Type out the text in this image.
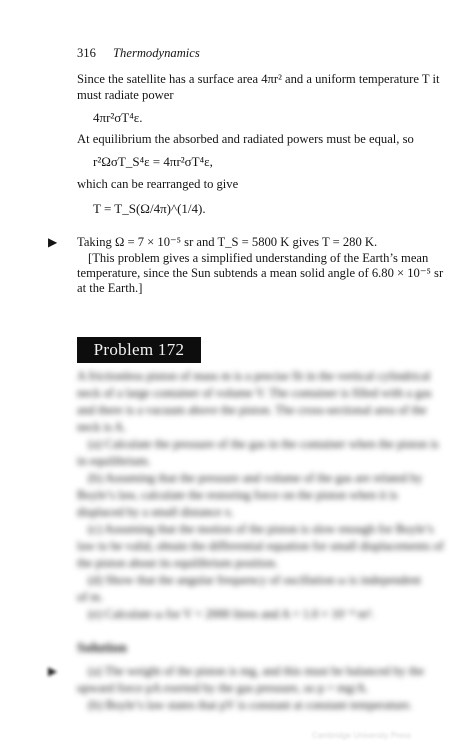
316 Thermodynamics
Since the satellite has a surface area 4πr² and a uniform temperature T it
must radiate power
4πr²σT⁴ε.
At equilibrium the absorbed and radiated powers must be equal, so
r²ΩσT_S⁴ε = 4πr²σT⁴ε,
which can be rearranged to give
T = T_S(Ω/4π)^(1/4).
▶ Taking Ω = 7 × 10⁻⁵ sr and T_S = 5800 K gives T = 280 K.
[This problem gives a simplified understanding of the Earth’s mean
temperature, since the Sun subtends a mean solid angle of 6.80 × 10⁻⁵ sr
at the Earth.]
Problem 172
A frictionless piston of mass m is a precise fit in the vertical cylindrical
neck of a large container of volume V. The container is filled with a gas
and there is a vacuum above the piston. The cross-sectional area of the
neck is A.
(a) Calculate the pressure of the gas in the container when the piston is
in equilibrium.
(b) Assuming that the pressure and volume of the gas are related by
Boyle’s law, calculate the restoring force on the piston when it is
displaced by a small distance x.
(c) Assuming that the motion of the piston is slow enough for Boyle’s
law to be valid, obtain the differential equation for small displacements of
the piston about its equilibrium position.
(d) Show that the angular frequency of oscillation ω is independent
of m.
(e) Calculate ω for V = 2000 litres and A = 1.0 × 10⁻⁴ m².
Solution
▶ (a) The weight of the piston is mg, and this must be balanced by the
upward force pA exerted by the gas pressure, so p = mg/A.
(b) Boyle’s law states that pV is constant at constant temperature.
Cambridge University Press
